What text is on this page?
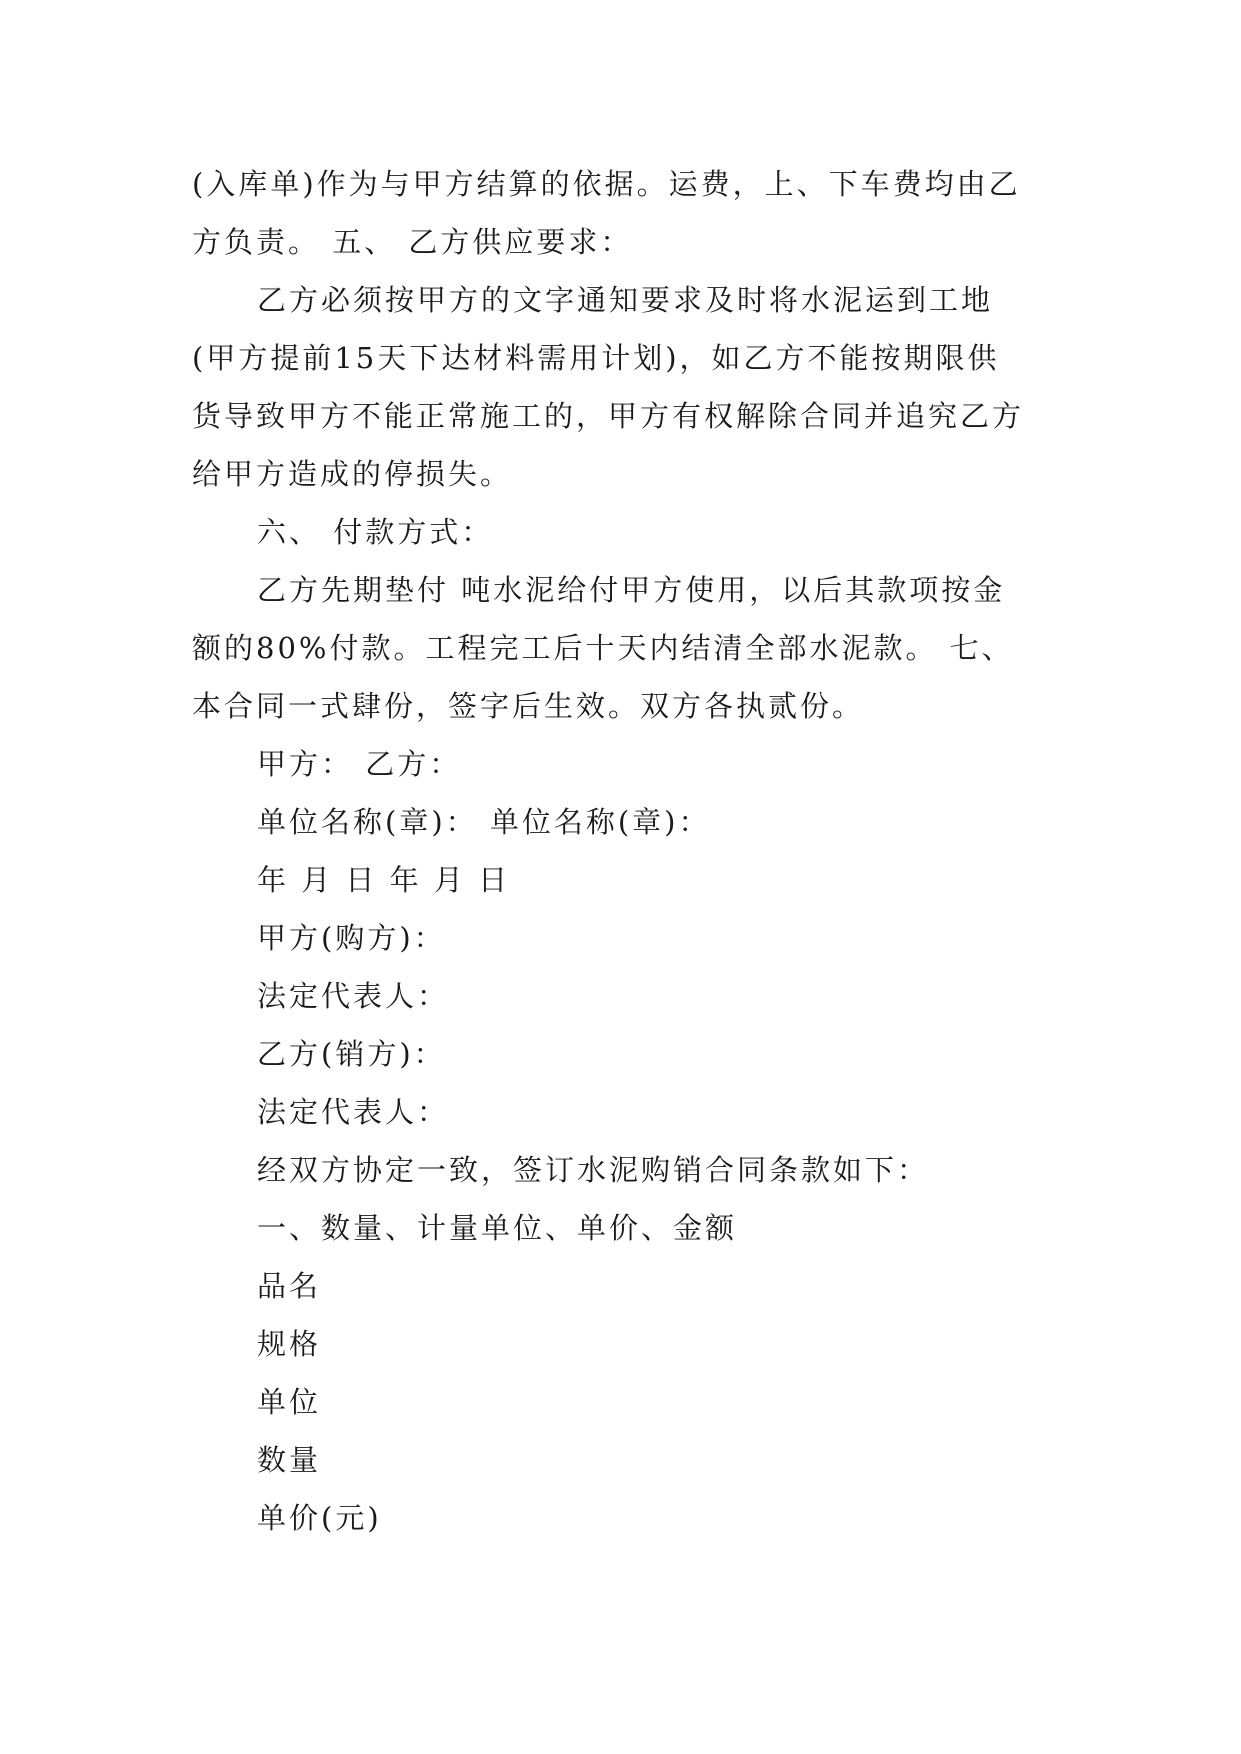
(入库单)作为与甲方结算的依据。运费，上、下车费均由乙
方负责。 五、 乙方供应要求：
乙方必须按甲方的文字通知要求及时将水泥运到工地
(甲方提前15天下达材料需用计划)，如乙方不能按期限供
货导致甲方不能正常施工的，甲方有权解除合同并追究乙方
给甲方造成的停损失。
六、 付款方式：
乙方先期垫付 吨水泥给付甲方使用，以后其款项按金
额的80%付款。工程完工后十天内结清全部水泥款。 七、
本合同一式肆份，签字后生效。双方各执贰份。
甲方： 乙方：
单位名称(章)： 单位名称(章)：
年 月 日 年 月 日
甲方(购方)：
法定代表人：
乙方(销方)：
法定代表人：
经双方协定一致，签订水泥购销合同条款如下：
一、数量、计量单位、单价、金额
品名
规格
单位
数量
单价(元)
